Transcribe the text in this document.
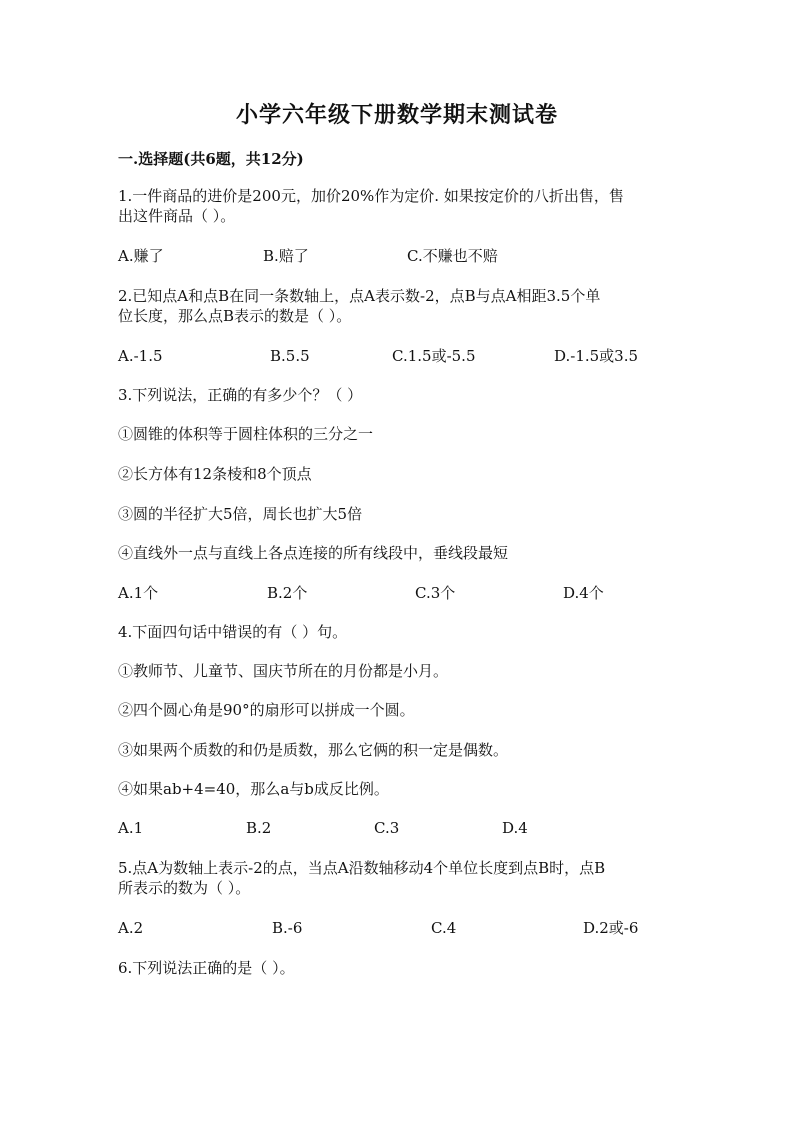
小学六年级下册数学期末测试卷
一.选择题(共6题，共12分)
1.一件商品的进价是200元，加价20%作为定价. 如果按定价的八折出售，售
出这件商品（ ）。
A.赚了	B.赔了	C.不赚也不赔
2.已知点A和点B在同一条数轴上，点A表示数-2，点B与点A相距3.5个单
位长度，那么点B表示的数是（ ）。
A.-1.5	B.5.5	C.1.5或-5.5	D.-1.5或3.5
3.下列说法，正确的有多少个？（ ）
①圆锥的体积等于圆柱体积的三分之一
②长方体有12条棱和8个顶点
③圆的半径扩大5倍，周长也扩大5倍
④直线外一点与直线上各点连接的所有线段中，垂线段最短
A.1个	B.2个	C.3个	D.4个
4.下面四句话中错误的有（ ）句。
①教师节、儿童节、国庆节所在的月份都是小月。
②四个圆心角是90°的扇形可以拼成一个圆。
③如果两个质数的和仍是质数，那么它俩的积一定是偶数。
④如果ab+4=40，那么a与b成反比例。
A.1	B.2	C.3	D.4
5.点A为数轴上表示-2的点，当点A沿数轴移动4个单位长度到点B时，点B
所表示的数为（ ）。
A.2	B.-6	C.4	D.2或-6
6.下列说法正确的是（ ）。
